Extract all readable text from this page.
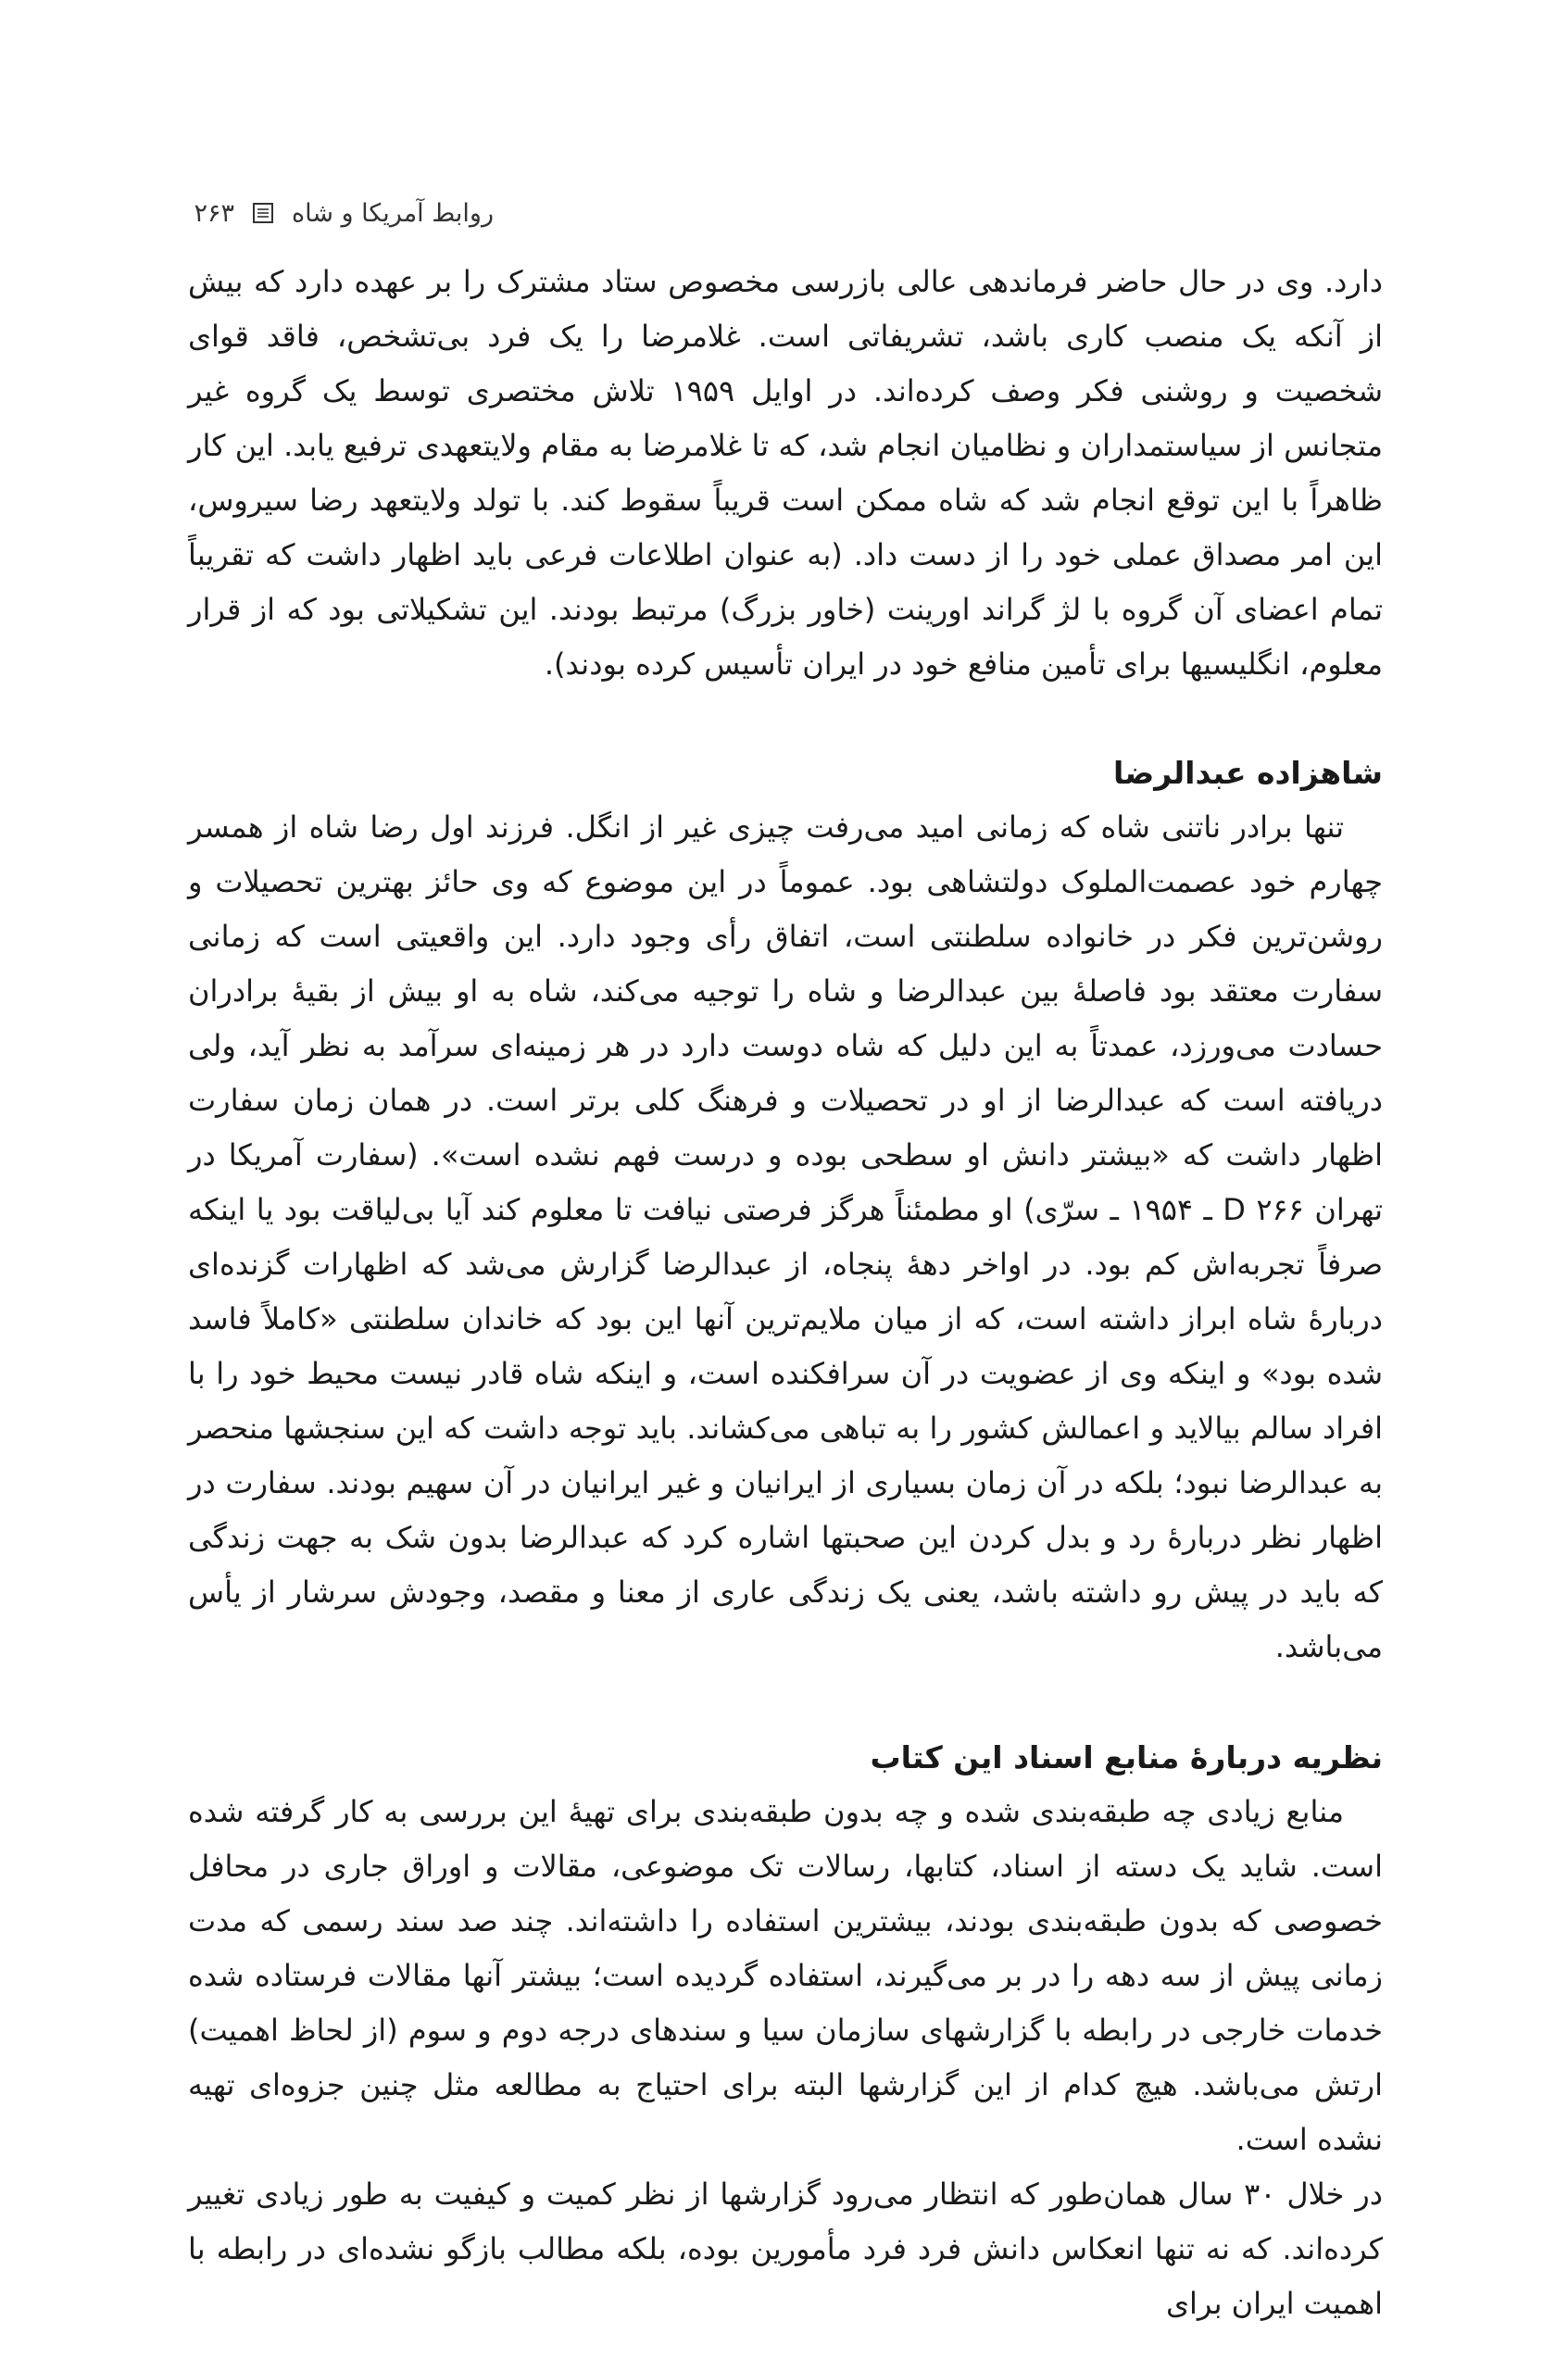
روابط آمریکا و شاه
۲۶۳

دارد. وی در حال حاضر فرماندهی عالی بازرسی مخصوص ستاد مشترک را بر عهده دارد که بیش از آنکه یک منصب کاری باشد، تشریفاتی است. غلامرضا را یک فرد بی‌تشخص، فاقد قوای شخصیت و روشنی فکر وصف کرده‌اند. در اوایل ۱۹۵۹ تلاش مختصری توسط یک گروه غیر متجانس از سیاستمداران و نظامیان انجام شد، که تا غلامرضا به مقام ولایتعهدی ترفیع یابد. این کار ظاهراً با این توقع انجام شد که شاه ممکن است قریباً سقوط کند. با تولد ولایتعهد رضا سیروس، این امر مصداق عملی خود را از دست داد. (به عنوان اطلاعات فرعی باید اظهار داشت که تقریباً تمام اعضای آن گروه با لژ گراند اورینت (خاور بزرگ) مرتبط بودند. این تشکیلاتی بود که از قرار معلوم، انگلیسیها برای تأمین منافع خود در ایران تأسیس کرده بودند).

شاهزاده عبدالرضا

تنها برادر ناتنی شاه که زمانی امید می‌رفت چیزی غیر از انگل. فرزند اول رضا شاه از همسر چهارم خود عصمت‌الملوک دولتشاهی بود. عموماً در این موضوع که وی حائز بهترین تحصیلات و روشن‌ترین فکر در خانواده سلطنتی است، اتفاق رأی وجود دارد. این واقعیتی است که زمانی سفارت معتقد بود فاصلهٔ بین عبدالرضا و شاه را توجیه می‌کند، شاه به او بیش از بقیهٔ برادران حسادت می‌ورزد، عمدتاً به این دلیل که شاه دوست دارد در هر زمینه‌ای سرآمد به نظر آید، ولی دریافته است که عبدالرضا از او در تحصیلات و فرهنگ کلی برتر است. در همان زمان سفارت اظهار داشت که «بیشتر دانش او سطحی بوده و درست فهم نشده است». (سفارت آمریکا در تهران D ۲۶۶ ـ ۱۹۵۴ ـ سرّی) او مطمئناً هرگز فرصتی نیافت تا معلوم کند آیا بی‌لیاقت بود یا اینکه صرفاً تجربه‌اش کم بود. در اواخر دههٔ پنجاه، از عبدالرضا گزارش می‌شد که اظهارات گزنده‌ای دربارهٔ شاه ابراز داشته است، که از میان ملایم‌ترین آنها این بود که خاندان سلطنتی «کاملاً فاسد شده بود» و اینکه وی از عضویت در آن سرافکنده است، و اینکه شاه قادر نیست محیط خود را با افراد سالم بیالاید و اعمالش کشور را به تباهی می‌کشاند. باید توجه داشت که این سنجشها منحصر به عبدالرضا نبود؛ بلکه در آن زمان بسیاری از ایرانیان و غیر ایرانیان در آن سهیم بودند. سفارت در اظهار نظر دربارهٔ رد و بدل کردن این صحبتها اشاره کرد که عبدالرضا بدون شک به جهت زندگی که باید در پیش رو داشته باشد، یعنی یک زندگی عاری از معنا و مقصد، وجودش سرشار از یأس می‌باشد.

نظریه دربارهٔ منابع اسناد این کتاب

منابع زیادی چه طبقه‌بندی شده و چه بدون طبقه‌بندی برای تهیهٔ این بررسی به کار گرفته شده است. شاید یک دسته از اسناد، کتابها، رسالات تک موضوعی، مقالات و اوراق جاری در محافل خصوصی که بدون طبقه‌بندی بودند، بیشترین استفاده را داشته‌اند. چند صد سند رسمی که مدت زمانی پیش از سه دهه را در بر می‌گیرند، استفاده گردیده است؛ بیشتر آنها مقالات فرستاده شده خدمات خارجی در رابطه با گزارشهای سازمان سیا و سندهای درجه دوم و سوم (از لحاظ اهمیت) ارتش می‌باشد. هیچ کدام از این گزارشها البته برای احتیاج به مطالعه مثل چنین جزوه‌ای تهیه نشده است.

در خلال ۳۰ سال همان‌طور که انتظار می‌رود گزارشها از نظر کمیت و کیفیت به طور زیادی تغییر کرده‌اند. که نه تنها انعکاس دانش فرد فرد مأمورین بوده، بلکه مطالب بازگو نشده‌ای در رابطه با اهمیت ایران برای
